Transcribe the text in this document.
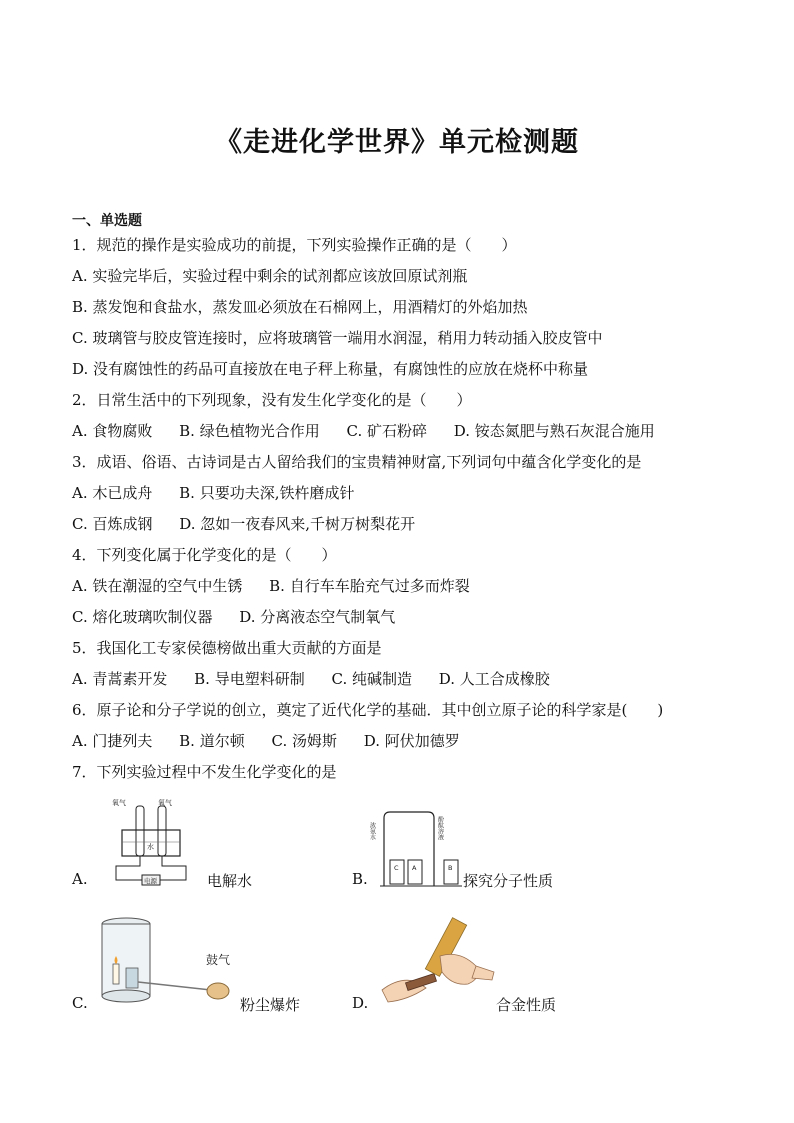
《走进化学世界》单元检测题
一、单选题
1．规范的操作是实验成功的前提，下列实验操作正确的是（　　）
A. 实验完毕后，实验过程中剩余的试剂都应该放回原试剂瓶
B. 蒸发饱和食盐水，蒸发皿必须放在石棉网上，用酒精灯的外焰加热
C. 玻璃管与胶皮管连接时，应将玻璃管一端用水润湿，稍用力转动插入胶皮管中
D. 没有腐蚀性的药品可直接放在电子秤上称量，有腐蚀性的应放在烧杯中称量
2．日常生活中的下列现象，没有发生化学变化的是（　　）
A. 食物腐败 B. 绿色植物光合作用 C. 矿石粉碎 D. 铵态氮肥与熟石灰混合施用
3．成语、俗语、古诗词是古人留给我们的宝贵精神财富,下列词句中蕴含化学变化的是
A. 木已成舟 B. 只要功夫深,铁杵磨成针
C. 百炼成钢 D. 忽如一夜春风来,千树万树梨花开
4．下列变化属于化学变化的是（　　）
A. 铁在潮湿的空气中生锈 B. 自行车车胎充气过多而炸裂
C. 熔化玻璃吹制仪器 D. 分离液态空气制氧气
5．我国化工专家侯德榜做出重大贡献的方面是
A. 青蒿素开发 B. 导电塑料研制 C. 纯碱制造 D. 人工合成橡胶
6．原子论和分子学说的创立，奠定了近代化学的基础．其中创立原子论的科学家是(　　)
A. 门捷列夫 B. 道尔顿 C. 汤姆斯 D. 阿伏加德罗
7．下列实验过程中不发生化学变化的是
A.
氧气	氧气
水
电源	电解水	B.
浓氨水	酚酞溶液
C A	B
探究分子性质
C.
鼓气
粉尘爆炸	D.	合金性质
